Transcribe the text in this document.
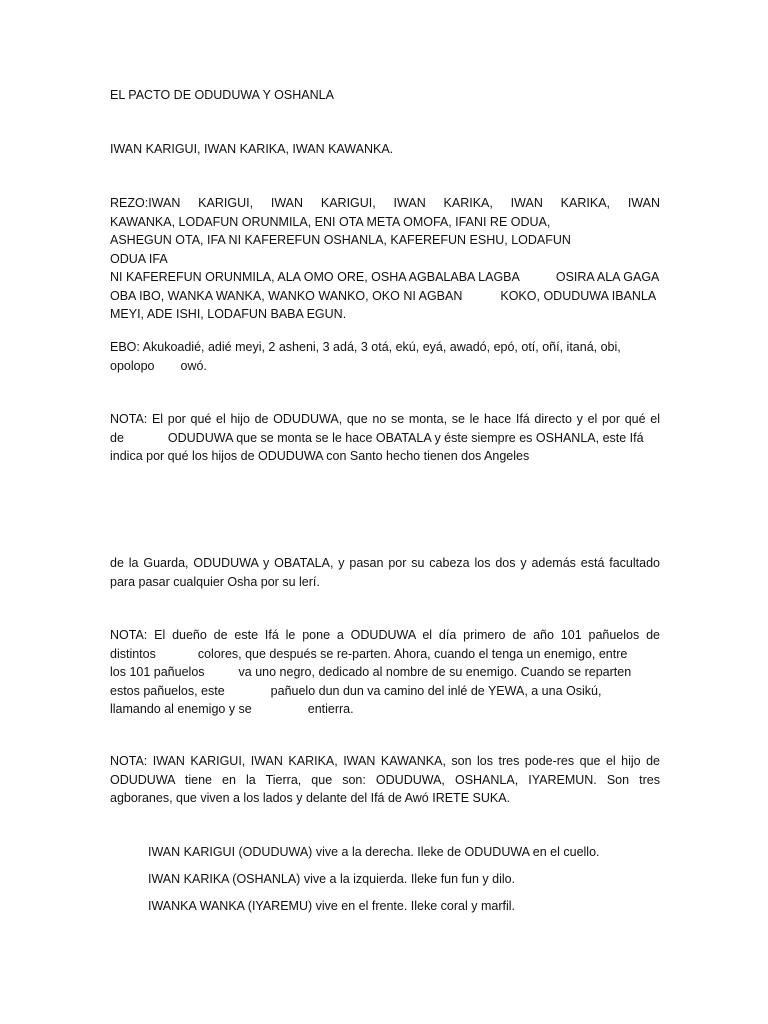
EL PACTO DE ODUDUWA Y OSHANLA

IWAN KARIGUI, IWAN KARIKA, IWAN KAWANKA.

REZO:IWAN KARIGUI, IWAN KARIGUI, IWAN KARIKA, IWAN KARIKA, IWAN

KAWANKA, LODAFUN ORUNMILA, ENI OTA META OMOFA, IFANI RE ODUA,

ASHEGUN OTA, IFA NI KAFEREFUN OSHANLA, KAFEREFUN ESHU, LODAFUNODUA IFA

NI KAFEREFUN ORUNMILA, ALA OMO ORE, OSHA AGBALABA LAGBA	OSIRA ALA GAGA

OBA IBO, WANKA WANKA, WANKO WANKO, OKO NI AGBAN	KOKO, ODUDUWA IBANLA

MEYI, ADE ISHI, LODAFUN BABA EGUN.

EBO: Akukoadié, adié meyi, 2 asheni, 3 adá, 3 otá, ekú, eyá, awadó, epó, otí, oñí, itaná, obi,

opolopo owó.

NOTA: El por qué el hijo de ODUDUWA, que no se monta, se le hace Ifá directo y el por qué el

de	ODUDUWA que se monta se le hace OBATALA y éste siempre es OSHANLA, este Ifá

indica por qué los hijos de ODUDUWA con Santo hecho tienen dos Angeles

de la Guarda, ODUDUWA y OBATALA, y pasan por su cabeza los dos y además está facultado

para pasar cualquier Osha por su lerí.

NOTA: El dueño de este Ifá le pone a ODUDUWA el día primero de año 101 pañuelos de

distintos	colores, que después se re-parten. Ahora, cuando el tenga un enemigo, entre

los 101 pañuelos	va uno negro, dedicado al nombre de su enemigo. Cuando se reparten

estos pañuelos, este	pañuelo dun dun va camino del inlé de YEWA, a una Osikú,

llamando al enemigo y se	entierra.

NOTA: IWAN KARIGUI, IWAN KARIKA, IWAN KAWANKA, son los tres pode-res que el hijo de

ODUDUWA tiene en la Tierra, que son: ODUDUWA, OSHANLA, IYAREMUN. Son tres

agboranes, que viven a los lados y delante del Ifá de Awó IRETE SUKA.

IWAN KARIGUI (ODUDUWA) vive a la derecha. Ileke de ODUDUWA en el cuello.

IWAN KARIKA (OSHANLA) vive a la izquierda. Ileke fun fun y dilo.

IWANKA WANKA (IYAREMU) vive en el frente. Ileke coral y marfil.
